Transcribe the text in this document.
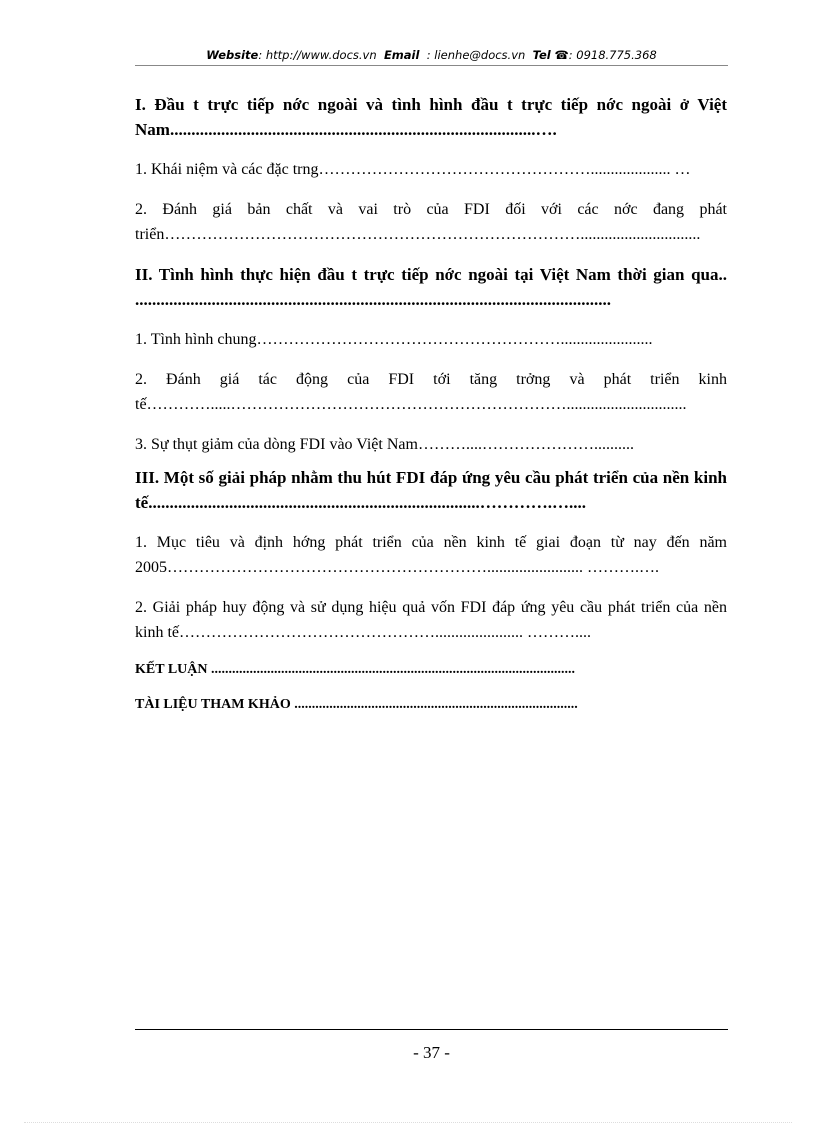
Website: http://www.docs.vn Email : lienhe@docs.vn Tel ☎: 0918.775.368
I. Đầu t trực tiếp nớc ngoài và tình hình đầu t trực tiếp nớc ngoài ở Việt Nam......................................................................................….
1. Khái niệm và các đặc trng…………………………………………….................... …
2. Đánh giá bản chất và vai trò của FDI đối với các nớc đang phát triển……………………………………………………………………..............................
II. Tình hình thực hiện đầu t trực tiếp nớc ngoài tại Việt Nam thời gian qua.. ................................................................................................................
1. Tình hình chung………………………………………………….......................
2. Đánh giá tác động của FDI tới tăng trởng và phát triển kinh tế………….....………………………………………………………..............................
3. Sự thụt giảm của dòng FDI vào Việt Nam………....…………………..........
III. Một số giải pháp nhằm thu hút FDI đáp ứng yêu cầu phát triển của nền kinh tế..............................................................................………….…....
1. Mục tiêu và định hớng phát triển của nền kinh tế giai đoạn từ nay đến năm 2005……………………………………………………........................ ……….….
2. Giải pháp huy động và sử dụng hiệu quả vốn FDI đáp ứng yêu cầu phát triển của nền kinh tế…………………………………………...................... ………....
KẾT LUẬN ........................................................................................................
TÀI LIỆU THAM KHẢO .................................................................................
- 37 -
